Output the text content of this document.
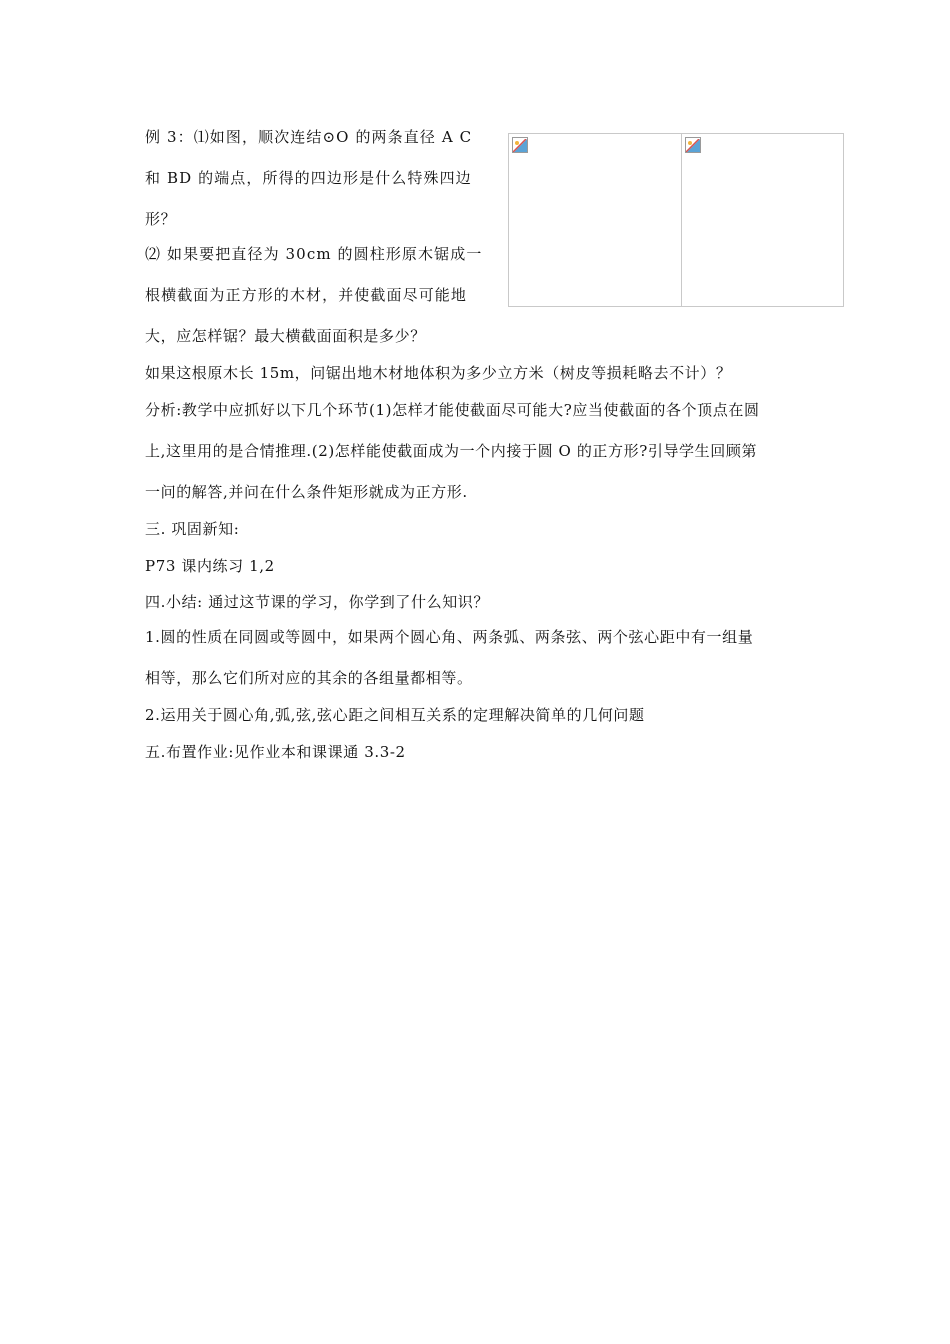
例 3：⑴如图，顺次连结⊙O 的两条直径 A C
和 BD 的端点，所得的四边形是什么特殊四边
形？
⑵ 如果要把直径为 30cm 的圆柱形原木锯成一
根横截面为正方形的木材，并使截面尽可能地
大，应怎样锯？最大横截面面积是多少？
如果这根原木长 15m，问锯出地木材地体积为多少立方米（树皮等损耗略去不计）？
分析:教学中应抓好以下几个环节(1)怎样才能使截面尽可能大?应当使截面的各个顶点在圆
上,这里用的是合情推理.(2)怎样能使截面成为一个内接于圆 O 的正方形?引导学生回顾第
一问的解答,并问在什么条件矩形就成为正方形.
三. 巩固新知:
P73 课内练习 1,2
四.小结: 通过这节课的学习，你学到了什么知识？
1.圆的性质在同圆或等圆中，如果两个圆心角、两条弧、两条弦、两个弦心距中有一组量
相等，那么它们所对应的其余的各组量都相等。
2.运用关于圆心角,弧,弦,弦心距之间相互关系的定理解决简单的几何问题
五.布置作业:见作业本和课课通 3.3-2
